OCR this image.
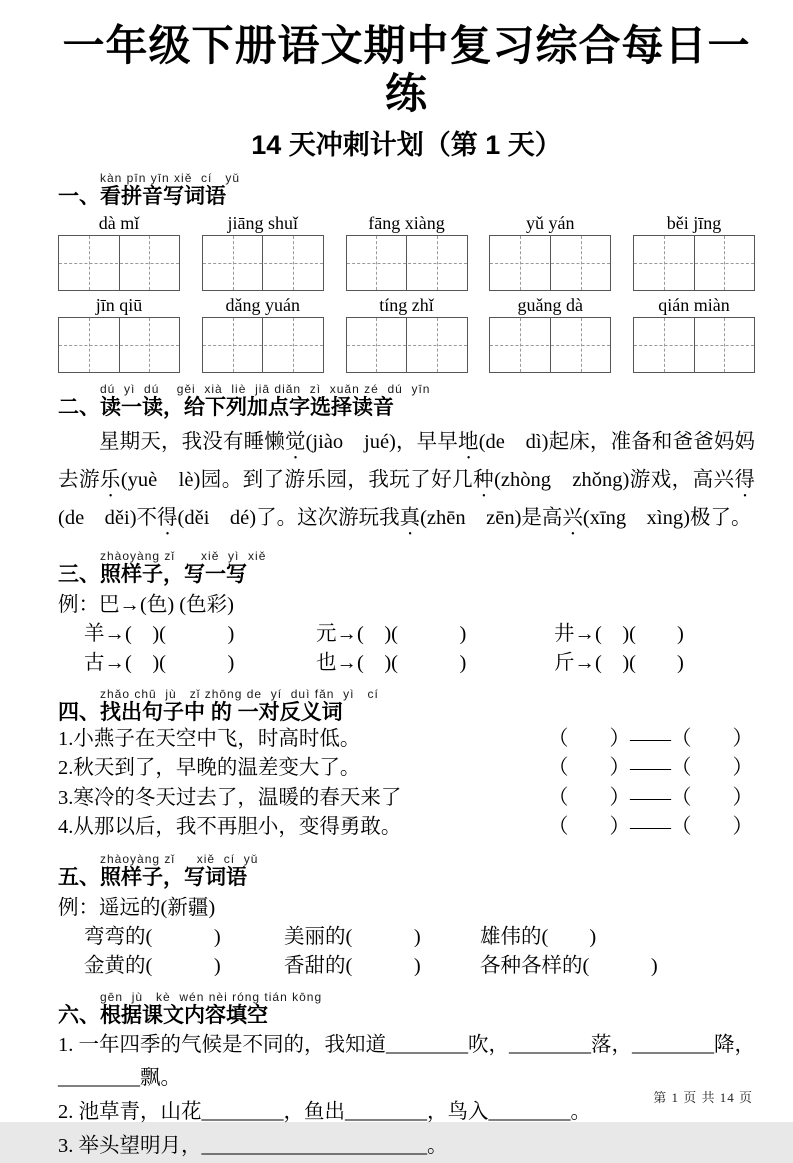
一年级下册语文期中复习综合每日一练
14 天冲刺计划（第 1 天）
一、
kàn pīn yīn xiě  cí   yǔ
看拼音写词语
dà mǐ	jiāng shuǐ	fāng xiàng	yǔ yán	běi jīng
jīn qiū	dǎng yuán	tíng zhǐ	guǎng dà	qián miàn
二、
dú  yì  dú    gěi  xià  liè  jiā diǎn  zì  xuǎn zé  dú  yīn
读一读，给下列加点字选择读音
星期天，我没有睡懒觉(jiào　jué)，早早地(de　dì)起床，准备和爸爸妈妈去游乐(yuè　lè)园。到了游乐园，我玩了好几种(zhòng　zhǒng)游戏，高兴得(de　děi)不得(děi　dé)了。这次游玩我真(zhēn　zēn)是高兴(xīng　xìng)极了。
三、
zhàoyàng zǐ      xiě  yì  xiě
照样子，写一写
例：巴→(色) (色彩)
羊→(　)(　　　)	元→(　)(　　　)	井→(　)(　　)
古→(　)(　　　)	也→(　)(　　　)	斤→(　)(　　)
四、
zhǎo chū  jù   zǐ zhōng de  yí  duì fǎn  yì   cí
找出句子中 的 一对反义词
1.小燕子在天空中飞，时高时低。	（　　）——（　　）
2.秋天到了，早晚的温差变大了。	（　　）——（　　）
3.寒冷的冬天过去了，温暖的春天来了	（　　）——（　　）
4.从那以后，我不再胆小，变得勇敢。	（　　）——（　　）
五、
zhàoyàng zǐ     xiě  cí  yǔ
照样子，写词语
例：遥远的(新疆)
弯弯的(　　　)	美丽的(　　　)	雄伟的(　　)
金黄的(　　　)	香甜的(　　　)	各种各样的(　　　)
六、
gēn  jù   kè  wén nèi róng tián kōng
根据课文内容填空
1. 一年四季的气候是不同的，我知道________吹，________落，________降，________飘。
2. 池草青，山花________，鱼出________，鸟入________。
3. 举头望明月，______________________。
第 1 页 共 14 页
